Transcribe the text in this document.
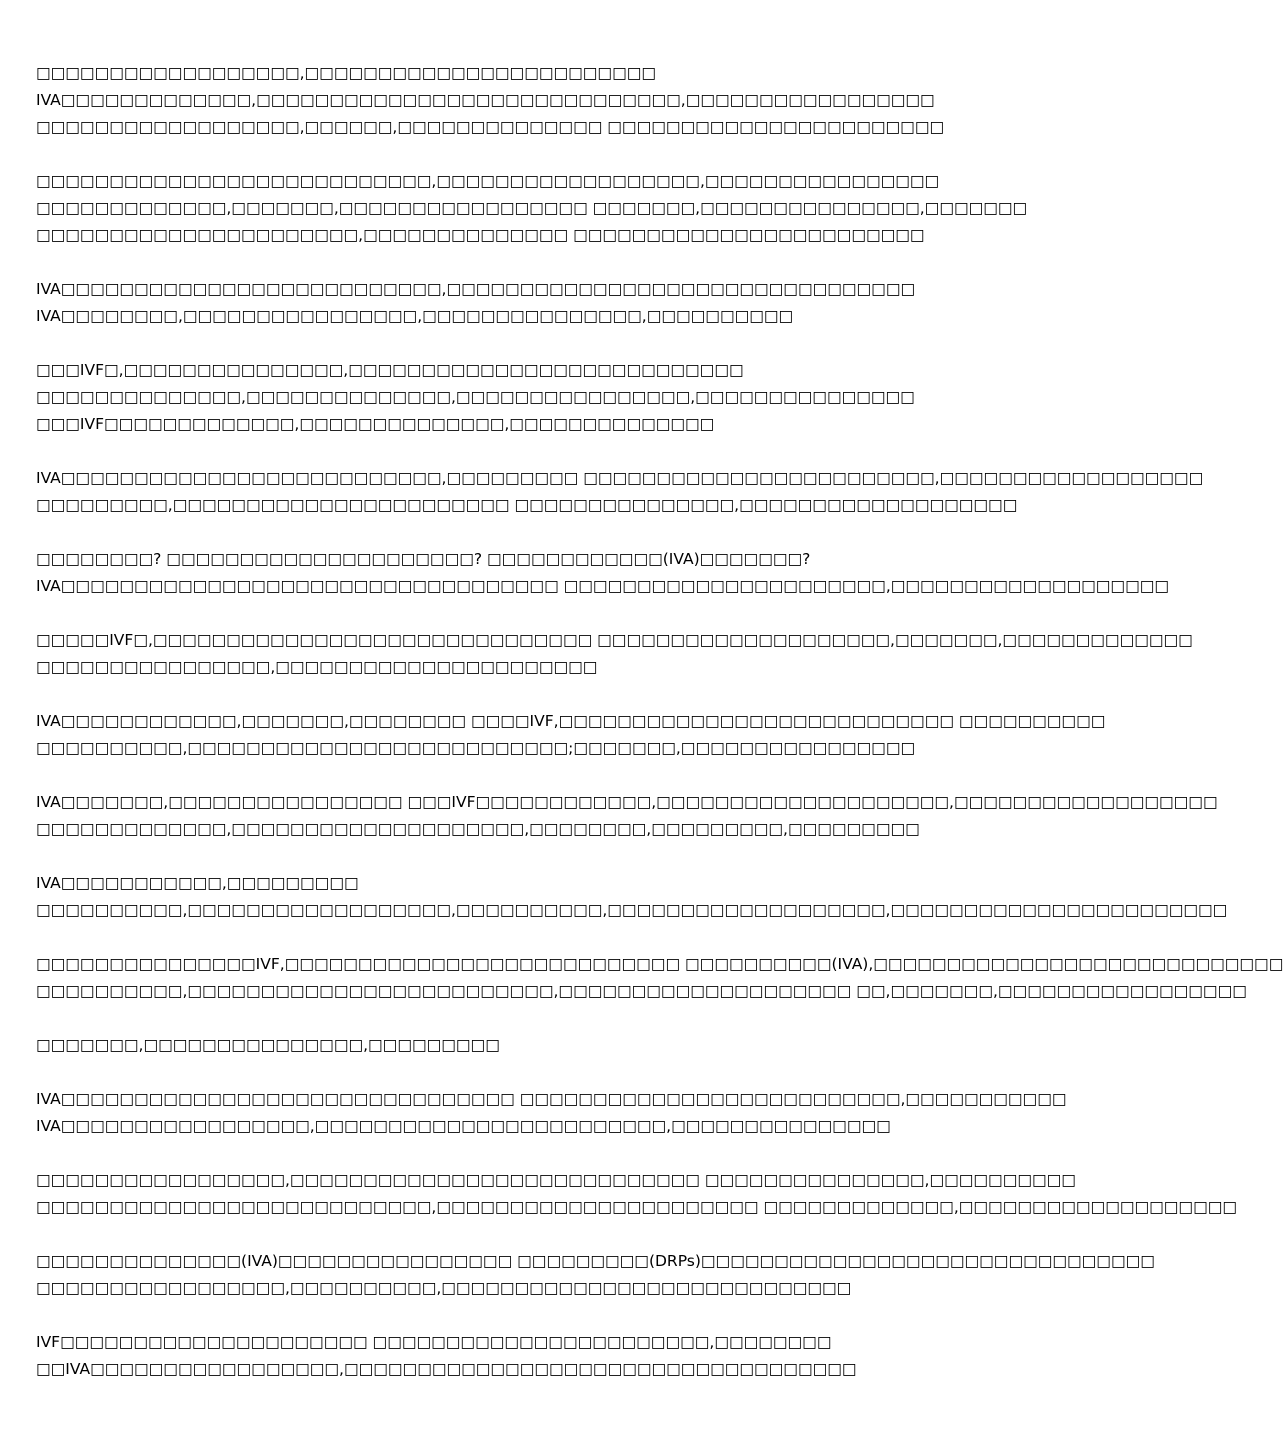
□□□□□□□□□□□□□□□□□□,□□□□□□□□□□□□□□□□□□□□□□□□
IVA□□□□□□□□□□□□□,□□□□□□□□□□□□□□□□□□□□□□□□□□□□□,□□□□□□□□□□□□□□□□□
□□□□□□□□□□□□□□□□□□,□□□□□□,□□□□□□□□□□□□□□ □□□□□□□□□□□□□□□□□□□□□□□
□□□□□□□□□□□□□□□□□□□□□□□□□□□,□□□□□□□□□□□□□□□□□□,□□□□□□□□□□□□□□□□
□□□□□□□□□□□□□,□□□□□□□,□□□□□□□□□□□□□□□□□ □□□□□□□,□□□□□□□□□□□□□□□,□□□□□□□
□□□□□□□□□□□□□□□□□□□□□□,□□□□□□□□□□□□□□ □□□□□□□□□□□□□□□□□□□□□□□□
IVA□□□□□□□□□□□□□□□□□□□□□□□□□□,□□□□□□□□□□□□□□□□□□□□□□□□□□□□□□□□
IVA□□□□□□□□,□□□□□□□□□□□□□□□□,□□□□□□□□□□□□□□□,□□□□□□□□□□
□□□IVF□,□□□□□□□□□□□□□□□,□□□□□□□□□□□□□□□□□□□□□□□□□□□
□□□□□□□□□□□□□□,□□□□□□□□□□□□□□,□□□□□□□□□□□□□□□□,□□□□□□□□□□□□□□□
□□□IVF□□□□□□□□□□□□□,□□□□□□□□□□□□□□,□□□□□□□□□□□□□□
IVA□□□□□□□□□□□□□□□□□□□□□□□□□□,□□□□□□□□□ □□□□□□□□□□□□□□□□□□□□□□□□,□□□□□□□□□□□□□□□□□□
□□□□□□□□□,□□□□□□□□□□□□□□□□□□□□□□□ □□□□□□□□□□□□□□□,□□□□□□□□□□□□□□□□□□□
□□□□□□□□? □□□□□□□□□□□□□□□□□□□□□? □□□□□□□□□□□□(IVA)□□□□□□□?
IVA□□□□□□□□□□□□□□□□□□□□□□□□□□□□□□□□□□ □□□□□□□□□□□□□□□□□□□□□□,□□□□□□□□□□□□□□□□□□□
□□□□□IVF□,□□□□□□□□□□□□□□□□□□□□□□□□□□□□□□ □□□□□□□□□□□□□□□□□□□□,□□□□□□□,□□□□□□□□□□□□□
□□□□□□□□□□□□□□□□,□□□□□□□□□□□□□□□□□□□□□□
IVA□□□□□□□□□□□□,□□□□□□□,□□□□□□□□ □□□□IVF,□□□□□□□□□□□□□□□□□□□□□□□□□□□ □□□□□□□□□□
□□□□□□□□□□,□□□□□□□□□□□□□□□□□□□□□□□□□□;□□□□□□□,□□□□□□□□□□□□□□□□
IVA□□□□□□□,□□□□□□□□□□□□□□□□ □□□IVF□□□□□□□□□□□□,□□□□□□□□□□□□□□□□□□□□,□□□□□□□□□□□□□□□□□□
□□□□□□□□□□□□□,□□□□□□□□□□□□□□□□□□□□,□□□□□□□□,□□□□□□□□□,□□□□□□□□□
IVA□□□□□□□□□□□,□□□□□□□□□
□□□□□□□□□□,□□□□□□□□□□□□□□□□□□,□□□□□□□□□□,□□□□□□□□□□□□□□□□□□□,□□□□□□□□□□□□□□□□□□□□□□□
□□□□□□□□□□□□□□□IVF,□□□□□□□□□□□□□□□□□□□□□□□□□□□ □□□□□□□□□□(IVA),□□□□□□□□□□□□□□□□□□□□□□□□□□□□
□□□□□□□□□□,□□□□□□□□□□□□□□□□□□□□□□□□□,□□□□□□□□□□□□□□□□□□□□ □□,□□□□□□□,□□□□□□□□□□□□□□□□□
□□□□□□□,□□□□□□□□□□□□□□□,□□□□□□□□□
IVA□□□□□□□□□□□□□□□□□□□□□□□□□□□□□□□ □□□□□□□□□□□□□□□□□□□□□□□□□□,□□□□□□□□□□□
IVA□□□□□□□□□□□□□□□□□,□□□□□□□□□□□□□□□□□□□□□□□□,□□□□□□□□□□□□□□□
□□□□□□□□□□□□□□□□□,□□□□□□□□□□□□□□□□□□□□□□□□□□□□ □□□□□□□□□□□□□□□,□□□□□□□□□□
□□□□□□□□□□□□□□□□□□□□□□□□□□□,□□□□□□□□□□□□□□□□□□□□□□ □□□□□□□□□□□□□,□□□□□□□□□□□□□□□□□□□
□□□□□□□□□□□□□□(IVA)□□□□□□□□□□□□□□□□ □□□□□□□□□(DRPs)□□□□□□□□□□□□□□□□□□□□□□□□□□□□□□□
□□□□□□□□□□□□□□□□□,□□□□□□□□□□,□□□□□□□□□□□□□□□□□□□□□□□□□□□□
IVF□□□□□□□□□□□□□□□□□□□□□ □□□□□□□□□□□□□□□□□□□□□□□,□□□□□□□□
□□IVA□□□□□□□□□□□□□□□□□,□□□□□□□□□□□□□□□□□□□□□□□□□□□□□□□□□□□
